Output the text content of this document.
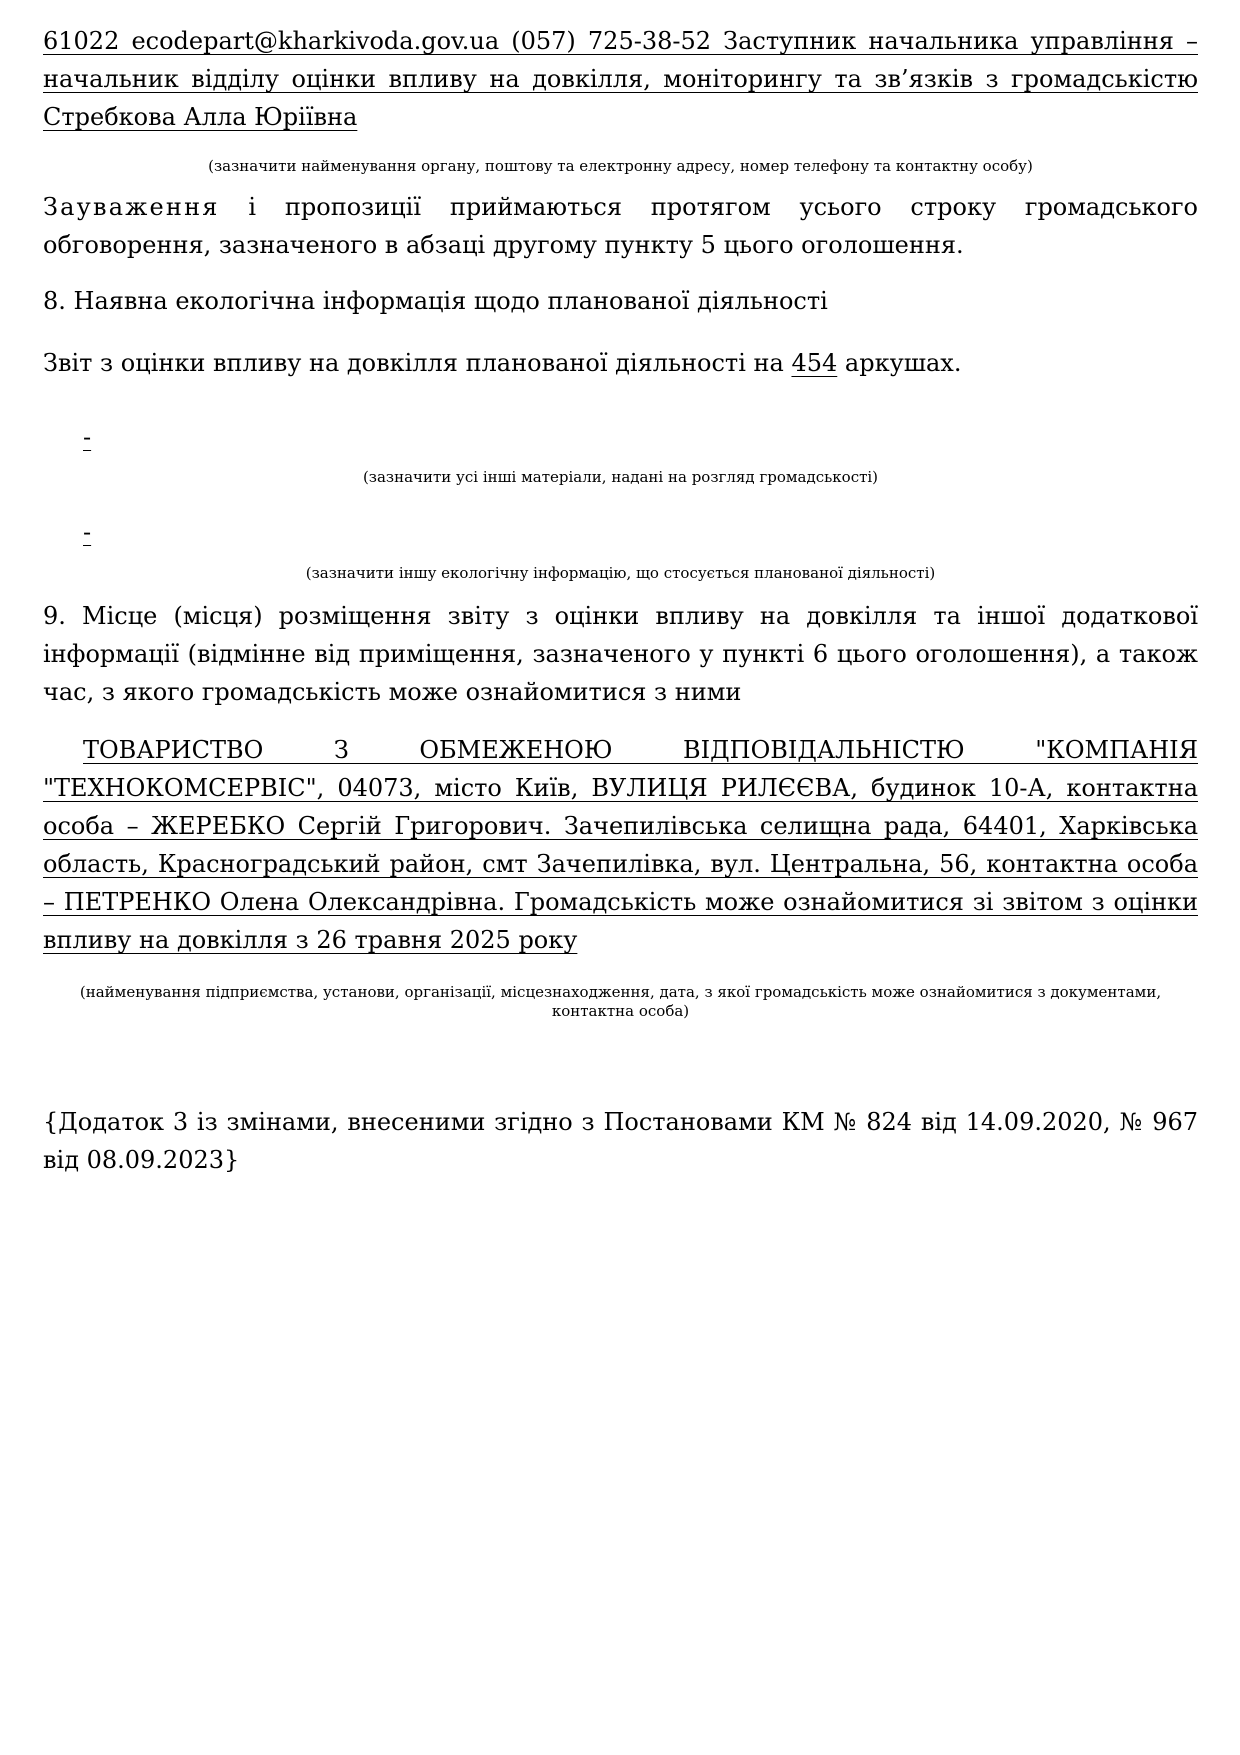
61022 ecodepart@kharkivoda.gov.ua (057) 725-38-52 Заступник начальника управління – начальник відділу оцінки впливу на довкілля, моніторингу та зв’язків з громадськістю Стребкова Алла Юріївна

(зазначити найменування органу, поштову та електронну адресу, номер телефону та контактну особу)

Зауваження і пропозиції приймаються протягом усього строку громадського обговорення, зазначеного в абзаці другому пункту 5 цього оголошення.

8. Наявна екологічна інформація щодо планованої діяльності

Звіт з оцінки впливу на довкілля планованої діяльності на 454 аркушах.

-

(зазначити усі інші матеріали, надані на розгляд громадськості)

-

(зазначити іншу екологічну інформацію, що стосується планованої діяльності)

9. Місце (місця) розміщення звіту з оцінки впливу на довкілля та іншої додаткової інформації (відмінне від приміщення, зазначеного у пункті 6 цього оголошення), а також час, з якого громадськість може ознайомитися з ними

ТОВАРИСТВО З ОБМЕЖЕНОЮ ВІДПОВІДАЛЬНІСТЮ "КОМПАНІЯ "ТЕХНОКОМСЕРВІС", 04073, місто Київ, ВУЛИЦЯ РИЛЄЄВА, будинок 10-А, контактна особа – ЖЕРЕБКО Сергій Григорович. Зачепилівська селищна рада, 64401, Харківська область, Красноградський район, смт Зачепилівка, вул. Центральна, 56, контактна особа – ПЕТРЕНКО Олена Олександрівна. Громадськість може ознайомитися зі звітом з оцінки впливу на довкілля з 26 травня 2025 року

(найменування підприємства, установи, організації, місцезнаходження, дата, з якої громадськість може ознайомитися з документами, контактна особа)

{Додаток 3 із змінами, внесеними згідно з Постановами КМ № 824 від 14.09.2020, № 967 від 08.09.2023}
